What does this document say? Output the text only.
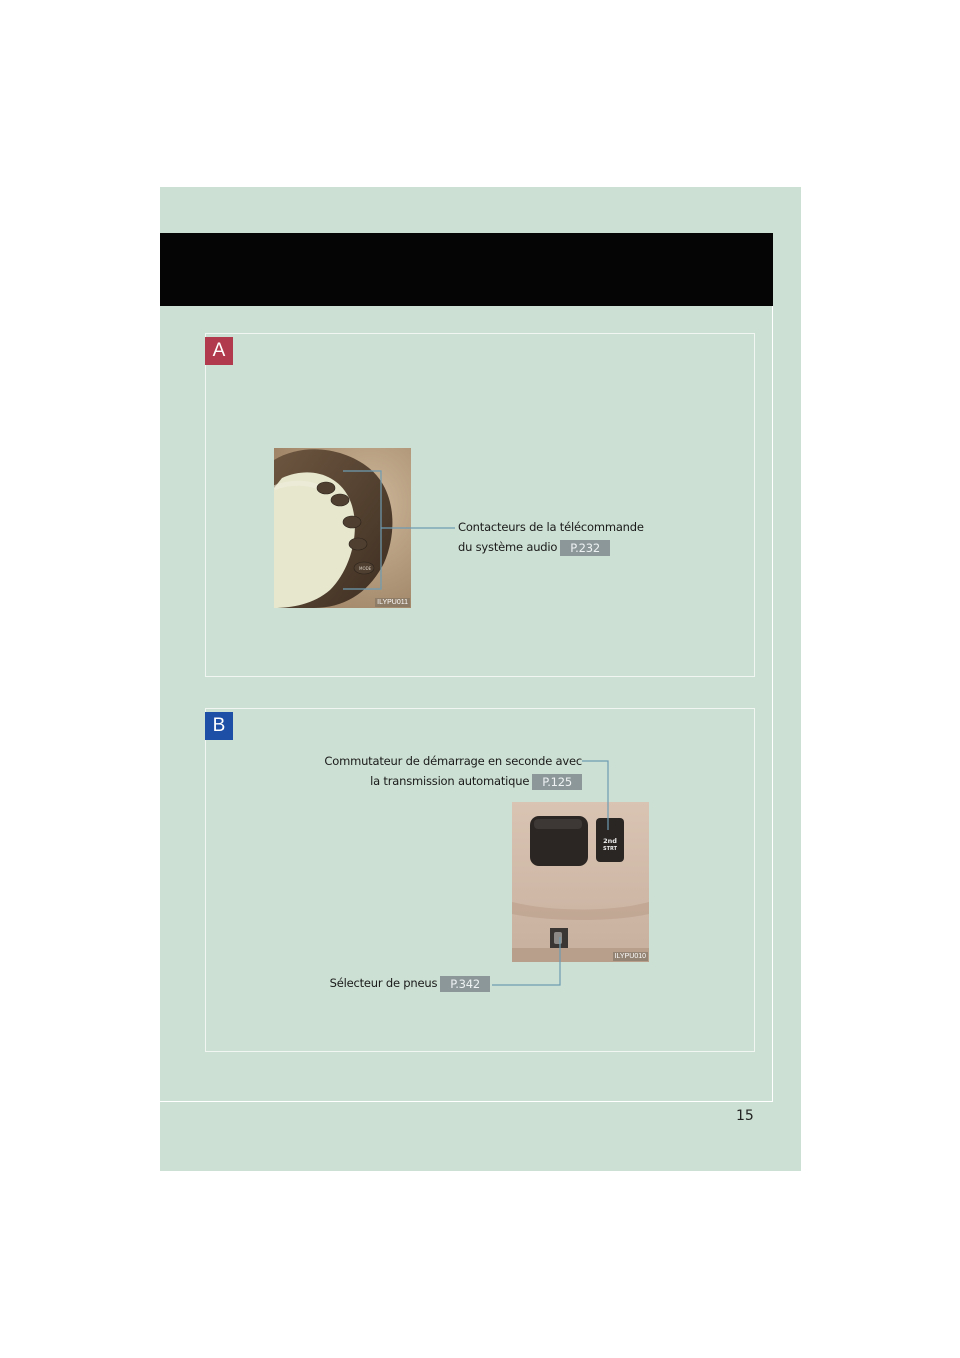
A
MODE
ILYPU011
Contacteurs de la télécommande
du système audio P.232
B
2nd
STRT
ILYPU010
Commutateur de démarrage en seconde avec
la transmission automatique P.125
Sélecteur de pneus P.342
15
